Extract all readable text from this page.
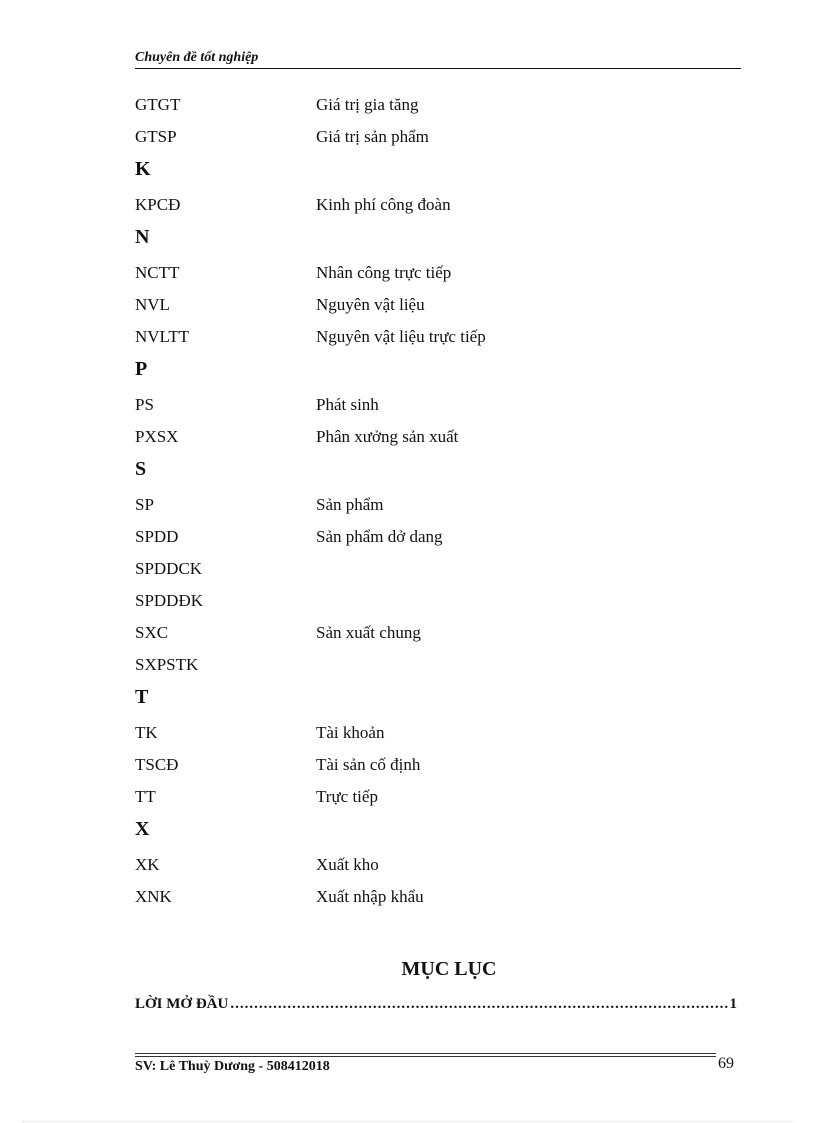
Chuyên đề tốt nghiệp
GTGT	Giá trị gia tăng
GTSP	Giá trị sản phẩm
K
KPCĐ	Kinh phí công đoàn
N
NCTT	Nhân công trực tiếp
NVL	Nguyên vật liệu
NVLTT	Nguyên vật liệu trực tiếp
P
PS	Phát sinh
PXSX	Phân xưởng sản xuất
S
SP	Sản phẩm
SPDD	Sản phẩm dở dang
SPDDCK
SPDDĐK
SXC	Sản xuất chung
SXPSTK
T
TK	Tài khoản
TSCĐ	Tài sản cố định
TT	Trực tiếp
X
XK	Xuất kho
XNK	Xuất nhập khẩu
MỤC LỤC
LỜI MỞ ĐẦU
.....	1
SV: Lê Thuỳ Dương - 508412018	69
